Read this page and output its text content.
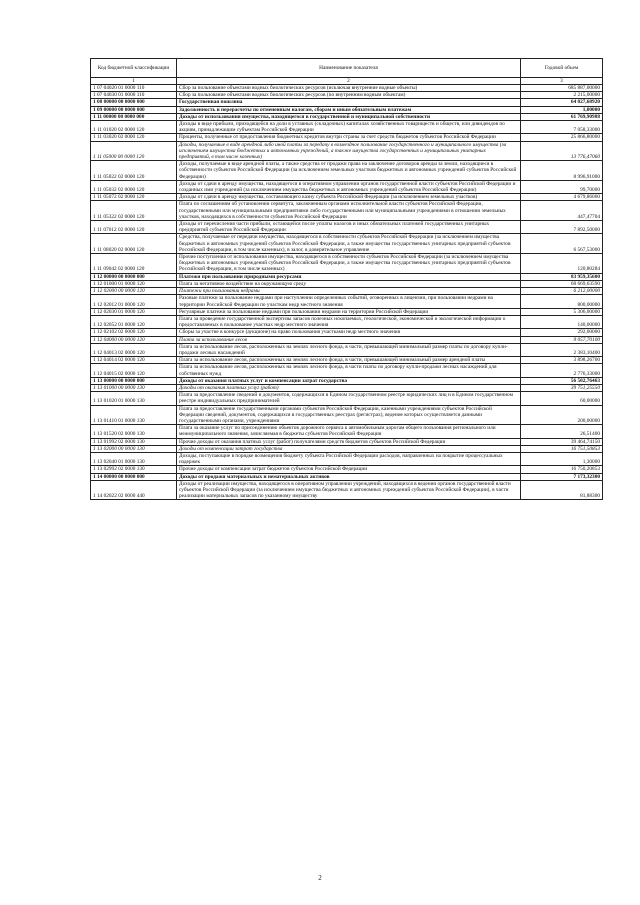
Код бюджетной классификации	Наименование показателя	Годовой объем
1	2	3
1 07 04020 01 0000 110	Сбор за пользование объектами водных биологических ресурсов (исключая внутренние водные объекты)	685 887,00000
1 07 04030 01 0000 110	Сбор за пользование объектами водных биологических ресурсов (по внутренним водным объектам)	2 215,00000
1 08 00000 00 0000 000	Государственная пошлина	64 027,68920
1 09 00000 00 0000 000	Задолженность и перерасчеты по отмененным налогам, сборам и иным обязательным платежам	1,00000
1 11 00000 00 0000 000	Доходы от использования имущества, находящегося в государственной и муниципальной собственности	61 769,90988
1 11 01020 02 0000 120	Доходы в виде прибыли, приходящейся на доли в уставных (складочных) капиталах хозяйственных товариществ и обществ, или дивидендов по акциям, принадлежащим субъектам Российской Федерации	7 058,33000
1 11 03020 02 0000 120	Проценты, полученные от предоставления бюджетных кредитов внутри страны за счет средств бюджетов субъектов Российской Федерации	25 866,80000
1 11 05000 00 0000 120	Доходы, получаемые в виде арендной либо иной платы за передачу в возмездное пользование государственного и муниципального имущества (за исключением имущества бюджетных и автономных учреждений, а также имущества государственных и муниципальных унитарных предприятий, в том числе казенных)	13 776,47060
1 11 05022 02 0000 120	Доходы, получаемые в виде арендной платы, а также средства от продажи права на заключение договоров аренды за земли, находящиеся в собственности субъектов Российской Федерации (за исключением земельных участков бюджетных и автономных учреждений субъектов Российской Федерации)	8 996,91000
1 11 05032 02 0000 120	Доходы от сдачи в аренду имущества, находящегося в оперативном управлении органов государственной власти субъектов Российской Федерации и созданных ими учреждений (за исключением имущества бюджетных и автономных учреждений субъектов Российской Федерации)	99,70000
1 11 05072 02 0000 120	Доходы от сдачи в аренду имущества, составляющего казну субъекта Российской Федерации (за исключением земельных участков)	4 679,86060
1 11 05322 02 0000 120	Плата по соглашениям об установлении сервитута, заключенным органами исполнительной власти субъектов Российской Федерации, государственными или муниципальными предприятиями либо государственными или муниципальными учреждениями в отношении земельных участков, находящихся в собственности субъектов Российской Федерации	447,47704
1 11 07012 02 0000 120	Доходы от перечисления части прибыли, остающейся после уплаты налогов и иных обязательных платежей государственных унитарных предприятий субъектов Российской Федерации	7 892,50000
1 11 08020 02 0000 120	Средства, получаемые от передачи имущества, находящегося в собственности субъектов Российской Федерации (за исключением имущества бюджетных и автономных учреждений субъектов Российской Федерации, а также имущества государственных унитарных предприятий субъектов Российской Федерации, в том числе казенных), в залог, в доверительное управление	6 567,53000
1 11 09042 02 0000 120	Прочие поступления от использования имущества, находящегося в собственности субъектов Российской Федерации (за исключением имущества бюджетных и автономных учреждений субъектов Российской Федерации, а также имущества государственных унитарных предприятий субъектов Российской Федерации, в том числе казенных)	120,80284
1 12 00000 00 0000 000	Платежи при пользовании природными ресурсами	83 959,35600
1 12 01000 01 0000 120	Плата за негативное воздействие на окружающую среду	68 669,63590
1 12 02000 00 0000 120	Платежи при пользовании недрами	6 212,00000
1 12 02012 01 0000 120	Разовые платежи за пользование недрами при наступлении определенных событий, оговоренных в лицензии, при пользовании недрами на территории Российской Федерации по участкам недр местного значения	800,00000
1 12 02030 01 0000 120	Регулярные платежи за пользование недрами при пользовании недрами на территории Российской Федерации	5 306,00000
1 12 02052 01 0000 120	Плата за проведение государственной экспертизы запасов полезных ископаемых, геологической, экономической и экологической информации о предоставляемых в пользование участках недр местного значения	140,00000
1 12 02102 02 0000 120	Сборы за участие в конкурсе (аукционе) на право пользования участками недр местного значения	292,00000
1 12 04000 00 0000 120	Плата за использование лесов	9 057,70100
1 12 04013 02 0000 120	Плата за использование лесов, расположенных на землях лесного фонда, в части, превышающей минимальный размер платы по договору купли-продажи лесных насаждений	2 383,10400
1 12 04014 02 0000 120	Плата за использование лесов, расположенных на землях лесного фонда, в части, превышающей минимальный размер арендной платы	3 898,26700
1 12 04015 02 0000 120	Плата за использование лесов, расположенных на землях лесного фонда, в части платы по договору купли-продажи лесных насаждений для собственных нужд	2 776,33000
1 13 00000 00 0000 000	Доходы от оказания платных услуг и компенсации затрат государства	56 502,76463
1 13 01000 00 0000 130	Доходы от оказания платных услуг (работ)	39 751,25550
1 13 01020 01 0000 130	Плата за предоставление сведений и документов, содержащихся в Едином государственном реестре юридических лиц и в Едином государственном реестре индивидуальных предпринимателей	60,00000
1 13 01410 01 0000 130	Плата за предоставление государственными органами субъектов Российской Федерации, казенными учреждениями субъектов Российской Федерации сведений, документов, содержащихся в государственных реестрах (регистрах), ведение которых осуществляется данными государственными органами, учреждениями	200,00000
1 13 01520 02 0000 130	Плата за оказание услуг по присоединению объектов дорожного сервиса к автомобильным дорогам общего пользования регионального или межмуниципального значения, зачисляемая в бюджеты субъектов Российской Федерации	26,51400
1 13 01992 02 0000 130	Прочие доходы от оказания платных услуг (работ) получателями средств бюджетов субъектов Российской Федерации	39 464,74150
1 13 02000 00 0000 130	Доходы от компенсации затрат государства	16 751,50853
1 13 02040 01 0000 130	Доходы, поступающие в порядке возмещения бюджету субъекта Российской Федерации расходов, направленных на покрытие процессуальных издержек	1,30000
1 13 02992 02 0000 130	Прочие доходы от компенсации затрат бюджетов субъектов Российской Федерации	16 750,20853
1 14 00000 00 0000 000	Доходы от продажи материальных и нематериальных активов	7 173,32300
1 14 02022 02 0000 440	Доходы от реализации имущества, находящегося в оперативном управлении учреждений, находящихся в ведении органов государственной власти субъектов Российской Федерации (за исключением имущества бюджетных и автономных учреждений субъектов Российской Федерации), в части реализации материальных запасов по указанному имуществу	81,88300
2
